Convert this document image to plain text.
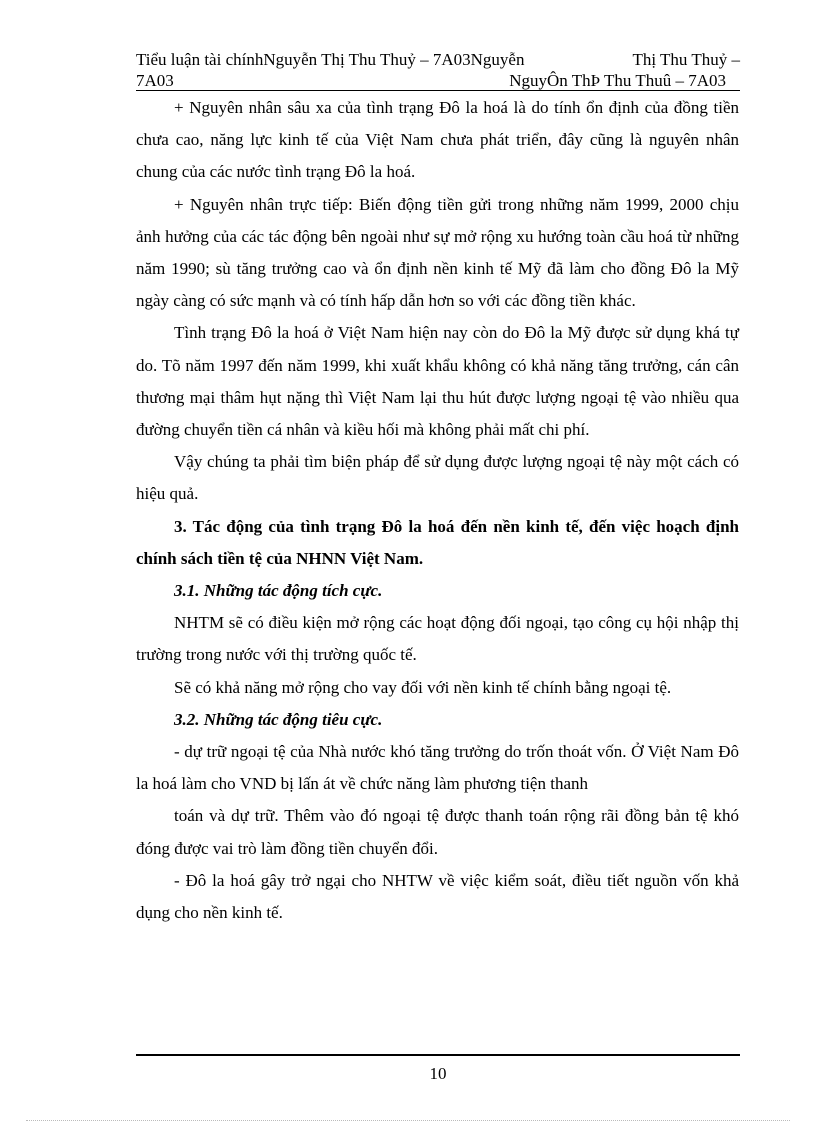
Tiểu luận tài chínhNguyễn Thị Thu Thuỷ – 7A03Nguyễn	Thị Thu Thuỷ –
7A03	NguyÔn ThÞ Thu Thuû – 7A03

+ Nguyên nhân sâu xa của tình trạng Đô la hoá là do tính ổn định của đồng tiền chưa cao, năng lực kinh tế của Việt Nam chưa phát triển, đây cũng là nguyên nhân chung của các nước tình trạng Đô la hoá.

+ Nguyên nhân trực tiếp: Biến động tiền gửi trong những năm 1999, 2000 chịu ảnh hưởng của các tác động bên ngoài như sự mở rộng xu hướng toàn cầu hoá từ những năm 1990; sù tăng trưởng cao và ổn định nền kinh tế Mỹ đã làm cho đồng Đô la Mỹ ngày càng có sức mạnh và có tính hấp dẫn hơn so với các đồng tiền khác.

Tình trạng Đô la hoá ở Việt Nam hiện nay còn do Đô la Mỹ được sử dụng khá tự do. Tõ năm 1997 đến năm 1999, khi xuất khẩu không có khả năng tăng trưởng, cán cân thương mại thâm hụt nặng thì Việt Nam lại thu hút được lượng ngoại tệ vào nhiều qua đường chuyển tiền cá nhân và kiều hối mà không phải mất chi phí.

Vậy chúng ta phải tìm biện pháp để sử dụng được lượng ngoại tệ này một cách có hiệu quả.

3. Tác động của tình trạng Đô la hoá đến nền kinh tế, đến việc hoạch định chính sách tiền tệ của NHNN Việt Nam.

3.1. Những tác động tích cực.

NHTM sẽ có điều kiện mở rộng các hoạt động đối ngoại, tạo công cụ hội nhập thị trường trong nước với thị trường quốc tế.

Sẽ có khả năng mở rộng cho vay đối với nền kinh tế chính bằng ngoại tệ.

3.2. Những tác động tiêu cực.

- dự trữ ngoại tệ của Nhà nước khó tăng trưởng do trốn thoát vốn. Ở Việt Nam Đô la hoá làm cho VND bị lấn át về chức năng làm phương tiện thanh

toán và dự trữ. Thêm vào đó ngoại tệ được thanh toán rộng rãi đồng bản tệ khó đóng được vai trò làm đồng tiền chuyển đổi.

- Đô la hoá gây trở ngại cho NHTW về việc kiểm soát, điều tiết nguồn vốn khả dụng cho nền kinh tế.

10
